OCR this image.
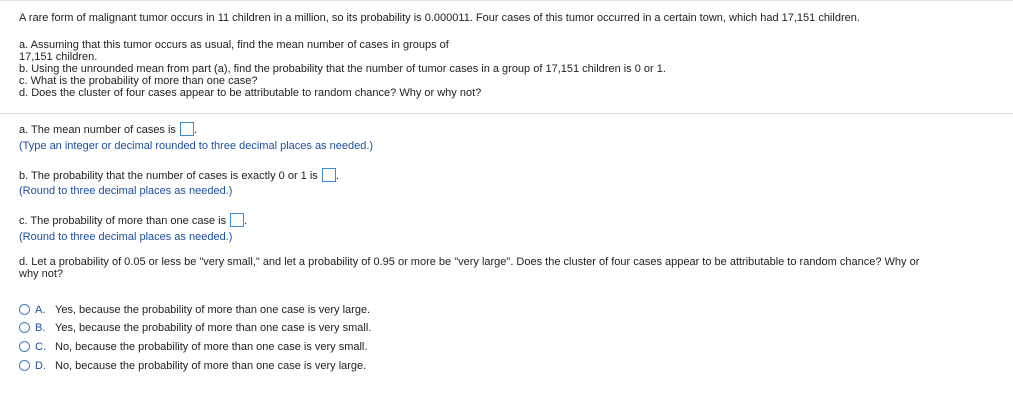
A rare form of malignant tumor occurs in 11 children in a million, so its probability is 0.000011. Four cases of this tumor occurred in a certain town, which had 17,151 children.
a. Assuming that this tumor occurs as usual, find the mean number of cases in groups of
17,151 children.
b. Using the unrounded mean from part (a), find the probability that the number of tumor cases in a group of 17,151 children is 0 or 1.
c. What is the probability of more than one case?
d. Does the cluster of four cases appear to be attributable to random chance? Why or why not?
a. The mean number of cases is .
(Type an integer or decimal rounded to three decimal places as needed.)
b. The probability that the number of cases is exactly 0 or 1 is .
(Round to three decimal places as needed.)
c. The probability of more than one case is .
(Round to three decimal places as needed.)
d. Let a probability of 0.05 or less be "very small," and let a probability of 0.95 or more be "very large". Does the cluster of four cases appear to be attributable to random chance? Why or
why not?
A. Yes, because the probability of more than one case is very large.
B. Yes, because the probability of more than one case is very small.
C. No, because the probability of more than one case is very small.
D. No, because the probability of more than one case is very large.
